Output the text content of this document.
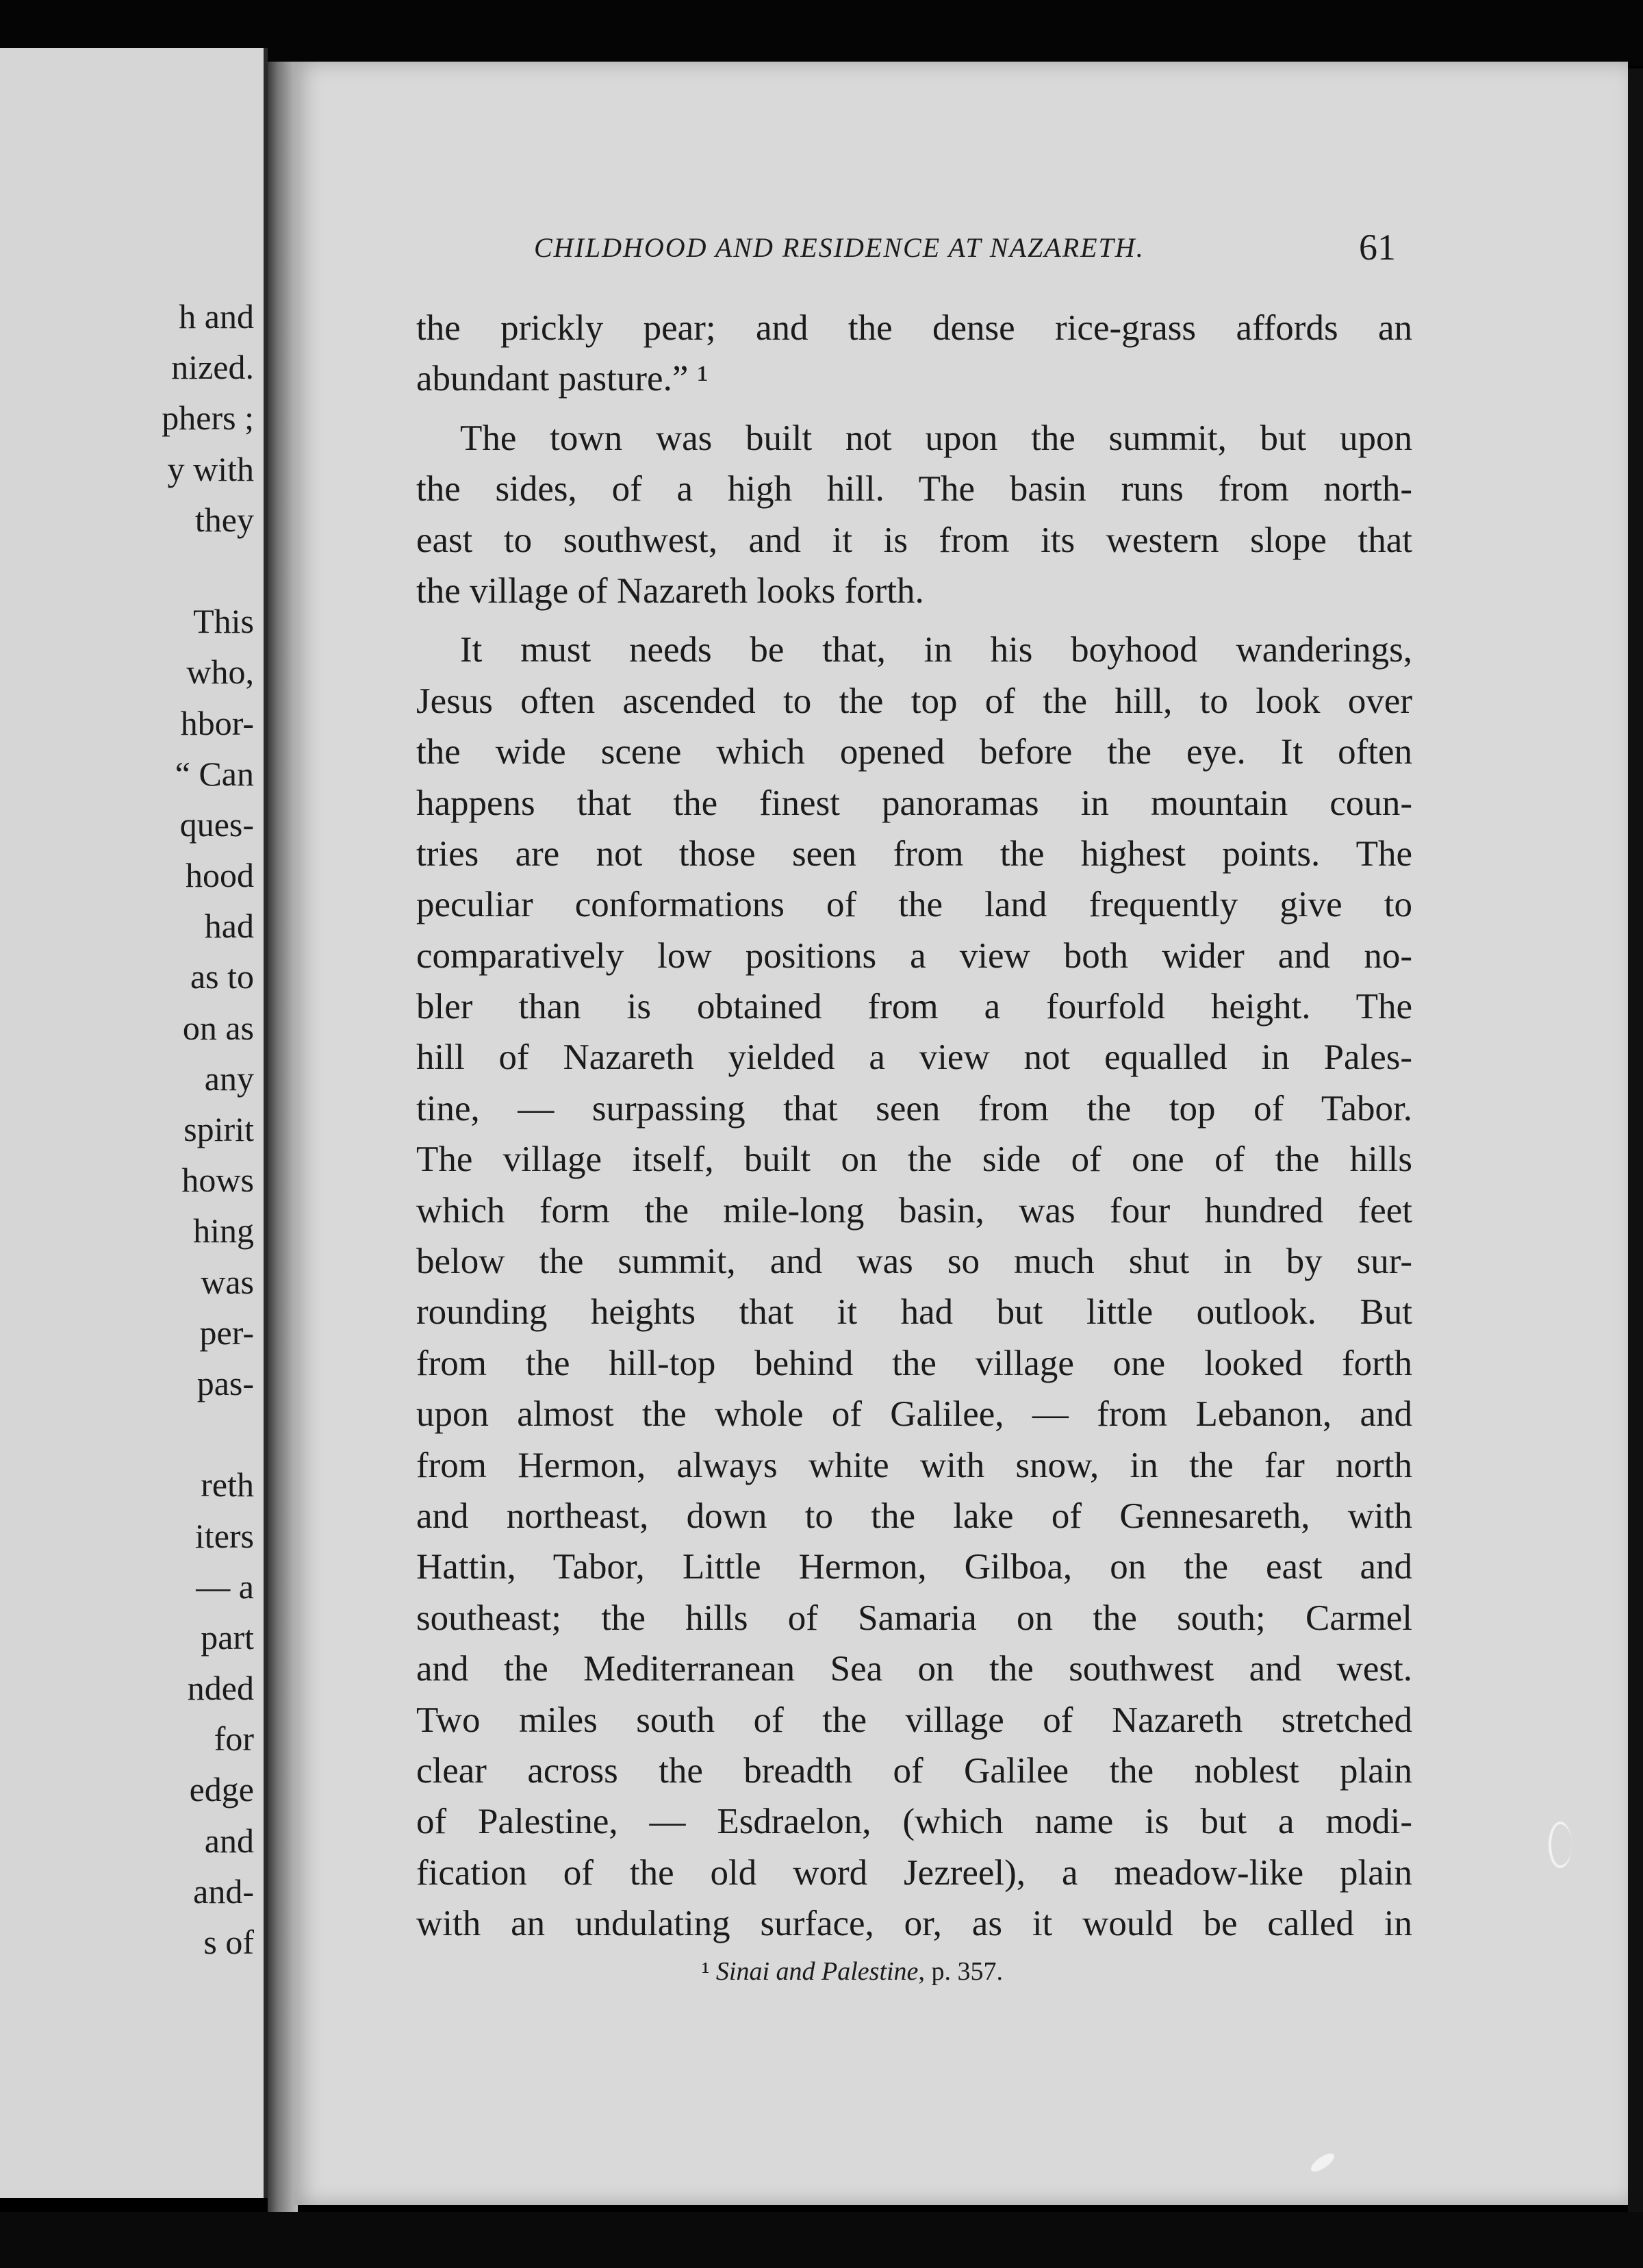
h and
nized.
phers ;
y with
they
This
who,
hbor-
“ Can
ques-
hood
had
as to
on as
any
spirit
hows
hing
was
per-
pas-
reth
iters
— a
part
nded
for
edge
and
and-
s of
CHILDHOOD AND RESIDENCE AT NAZARETH.	61
the prickly pear; and the dense rice-grass affords an
abundant pasture.” ¹
The town was built not upon the summit, but upon
the sides, of a high hill. The basin runs from north-
east to southwest, and it is from its western slope that
the village of Nazareth looks forth.
It must needs be that, in his boyhood wanderings,
Jesus often ascended to the top of the hill, to look over
the wide scene which opened before the eye. It often
happens that the finest panoramas in mountain coun-
tries are not those seen from the highest points. The
peculiar conformations of the land frequently give to
comparatively low positions a view both wider and no-
bler than is obtained from a fourfold height. The
hill of Nazareth yielded a view not equalled in Pales-
tine, — surpassing that seen from the top of Tabor.
The village itself, built on the side of one of the hills
which form the mile-long basin, was four hundred feet
below the summit, and was so much shut in by sur-
rounding heights that it had but little outlook. But
from the hill-top behind the village one looked forth
upon almost the whole of Galilee, — from Lebanon, and
from Hermon, always white with snow, in the far north
and northeast, down to the lake of Gennesareth, with
Hattin, Tabor, Little Hermon, Gilboa, on the east and
southeast; the hills of Samaria on the south; Carmel
and the Mediterranean Sea on the southwest and west.
Two miles south of the village of Nazareth stretched
clear across the breadth of Galilee the noblest plain
of Palestine, — Esdraelon, (which name is but a modi-
fication of the old word Jezreel), a meadow-like plain
with an undulating surface, or, as it would be called in
¹ Sinai and Palestine, p. 357.
